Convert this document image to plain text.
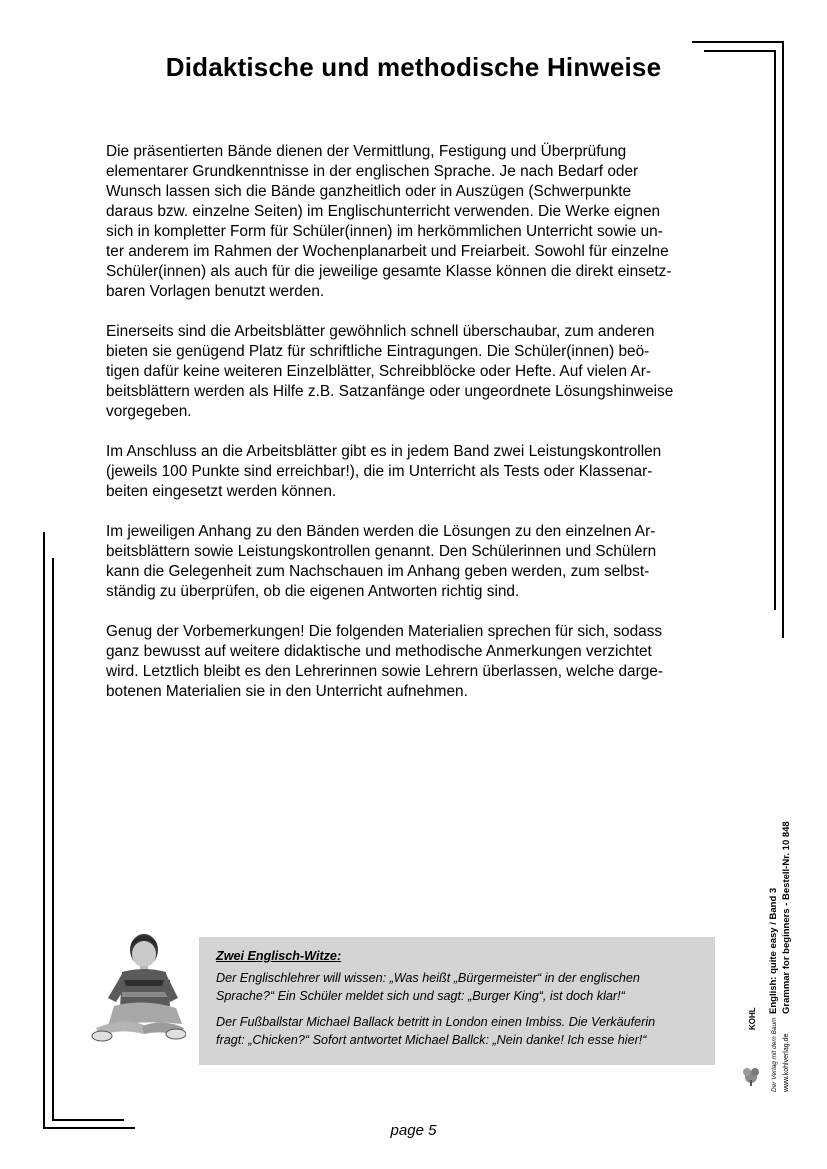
Didaktische und methodische Hinweise

Die präsentierten Bände dienen der Vermittlung, Festigung und Überprüfung
elementarer Grundkenntnisse in der englischen Sprache. Je nach Bedarf oder
Wunsch lassen sich die Bände ganzheitlich oder in Auszügen (Schwerpunkte
daraus bzw. einzelne Seiten) im Englischunterricht verwenden. Die Werke eignen
sich in kompletter Form für Schüler(innen) im herkömmlichen Unterricht sowie un-
ter anderem im Rahmen der Wochenplanarbeit und Freiarbeit. Sowohl für einzelne
Schüler(innen) als auch für die jeweilige gesamte Klasse können die direkt einsetz-
baren Vorlagen benutzt werden.

Einerseits sind die Arbeitsblätter gewöhnlich schnell überschaubar, zum anderen
bieten sie genügend Platz für schriftliche Eintragungen. Die Schüler(innen) beö-
tigen dafür keine weiteren Einzelblätter, Schreibblöcke oder Hefte. Auf vielen Ar-
beitsblättern werden als Hilfe z.B. Satzanfänge oder ungeordnete Lösungshinweise
vorgegeben.

Im Anschluss an die Arbeitsblätter gibt es in jedem Band zwei Leistungskontrollen
(jeweils 100 Punkte sind erreichbar!), die im Unterricht als Tests oder Klassenar-
beiten eingesetzt werden können.

Im jeweiligen Anhang zu den Bänden werden die Lösungen zu den einzelnen Ar-
beitsblättern sowie Leistungskontrollen genannt. Den Schülerinnen und Schülern
kann die Gelegenheit zum Nachschauen im Anhang geben werden, zum selbst-
ständig zu überprüfen, ob die eigenen Antworten richtig sind.

Genug der Vorbemerkungen! Die folgenden Materialien sprechen für sich, sodass
ganz bewusst auf weitere didaktische und methodische Anmerkungen verzichtet
wird. Letztlich bleibt es den Lehrerinnen sowie Lehrern überlassen, welche darge-
botenen Materialien sie in den Unterricht aufnehmen.

Zwei Englisch-Witze:

Der Englischlehrer will wissen: „Was heißt „Bürgermeister“ in der englischen
Sprache?“ Ein Schüler meldet sich und sagt: „Burger King“, ist doch klar!“

Der Fußballstar Michael Ballack betritt in London einen Imbiss. Die Verkäuferin
fragt: „Chicken?“ Sofort antwortet Michael Ballck: „Nein danke! Ich esse hier!“

English: quite easy / Band 3 Grammar for beginners - Bestell-Nr. 10 848
www.kohlverlag.de
Der Verlag mit dem Baum
KOHL
page 5
